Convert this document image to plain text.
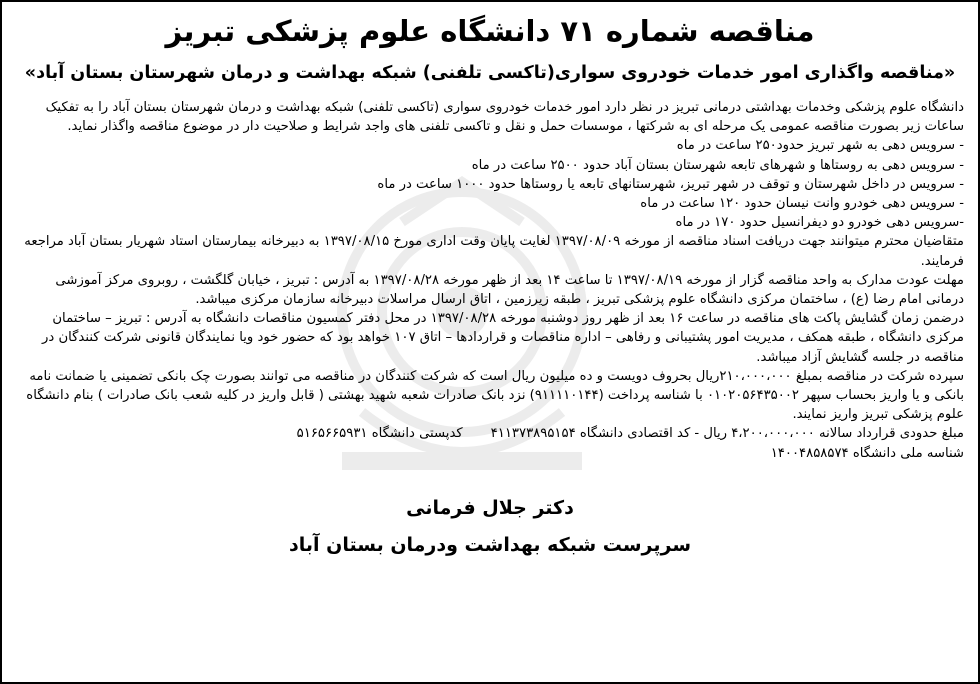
مناقصه شماره ۷۱ دانشگاه علوم پزشکی تبریز
«مناقصه واگذاری امور خدمات خودروی سواری(تاکسی تلفنی) شبکه بهداشت و درمان شهرستان بستان آباد»

دانشگاه علوم پزشکی وخدمات بهداشتی درمانی تبریز در نظر دارد امور خدمات خودروی سواری (تاکسی تلفنی) شبکه بهداشت و درمان شهرستان بستان آباد را به تفکیک ساعات زیر بصورت مناقصه عمومی یک مرحله ای به شرکتها ، موسسات حمل و نقل و تاکسی تلفنی های واجد شرایط و صلاحیت دار در موضوع مناقصه واگذار نماید.

- سرویس دهی به شهر تبریز حدود۲۵۰ ساعت در ماه

- سرویس دهی به روستاها و شهرهای تابعه شهرستان بستان آباد حدود ۲۵۰۰ ساعت در ماه

- سرویس در داخل شهرستان و توقف در شهر تبریز، شهرستانهای تابعه یا روستاها حدود ۱۰۰۰ ساعت در ماه

- سرویس دهی خودرو وانت نیسان حدود ۱۲۰ ساعت در ماه

-سرویس دهی خودرو دو دیفرانسیل حدود ۱۷۰ در ماه

متقاضیان محترم میتوانند جهت دریافت اسناد مناقصه از مورخه ۱۳۹۷/۰۸/۰۹ لغایت پایان وقت اداری مورخ ۱۳۹۷/۰۸/۱۵ به دبیرخانه بیمارستان استاد شهریار بستان آباد مراجعه فرمایند.

مهلت عودت مدارک به واحد مناقصه گزار از مورخه ۱۳۹۷/۰۸/۱۹ تا ساعت ۱۴ بعد از ظهر مورخه ۱۳۹۷/۰۸/۲۸ به آدرس : تبریز ، خیابان گلگشت ، روبروی مرکز آموزشی درمانی امام رضا (ع) ، ساختمان مرکزی دانشگاه علوم پزشکی تبریز ، طبقه زیرزمین ، اتاق ارسال مراسلات دبیرخانه سازمان مرکزی میباشد.

درضمن زمان گشایش پاکت های مناقصه در ساعت ۱۶ بعد از ظهر روز دوشنبه مورخه ۱۳۹۷/۰۸/۲۸ در محل دفتر کمسیون مناقصات دانشگاه به آدرس : تبریز – ساختمان مرکزی دانشگاه ، طبقه همکف ، مدیریت امور پشتیبانی و رفاهی – اداره مناقصات و قراردادها – اتاق ۱۰۷ خواهد بود که حضور خود ویا نمایندگان قانونی شرکت کنندگان در مناقصه در جلسه گشایش آزاد میباشد.

سپرده شرکت در مناقصه بمبلغ ۲۱۰،۰۰۰،۰۰۰ریال بحروف دویست و ده میلیون ریال است که شرکت کنندگان در مناقصه می توانند بصورت چک بانکی تضمینی یا ضمانت نامه بانکی و یا واریز بحساب سپهر ۰۱۰۲۰۵۶۴۳۵۰۰۲ با شناسه پرداخت (۹۱۱۱۱۰۱۴۴) نزد بانک صادرات شعبه شهید بهشتی ( قابل واریز در کلیه شعب بانک صادرات ) بنام دانشگاه علوم پزشکی تبریز واریز نمایند.

مبلغ حدودی قرارداد سالانه ۴،۲۰۰،۰۰۰،۰۰۰ ریال - کد اقتصادی دانشگاه ۴۱۱۳۷۳۸۹۵۱۵۴کدپستی دانشگاه ۵۱۶۵۶۶۵۹۳۱

شناسه ملی دانشگاه ۱۴۰۰۴۸۵۸۵۷۴

دکتر جلال فرمانی

سرپرست شبکه بهداشت ودرمان بستان آباد
